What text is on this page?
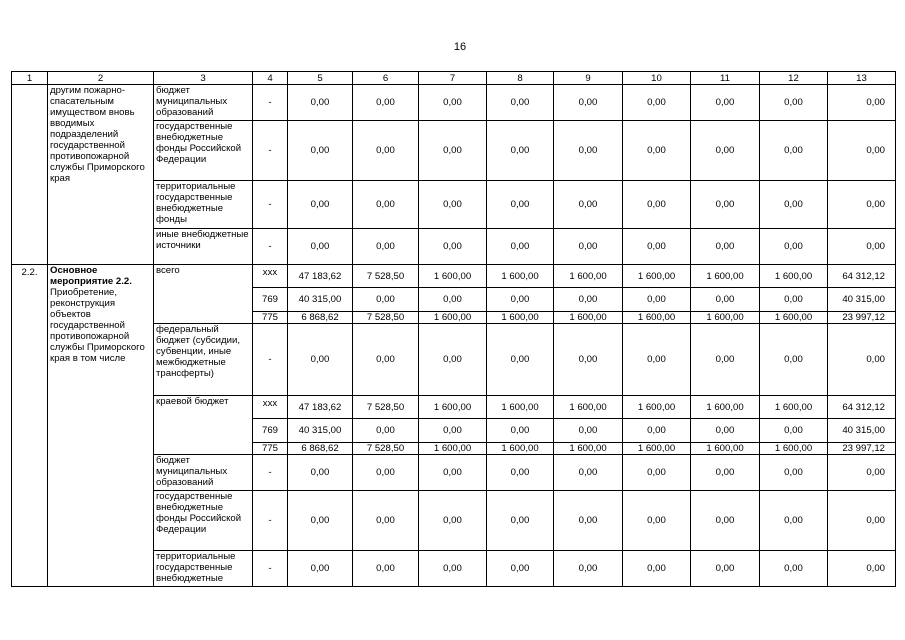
16
1	2	3	4	5	6	7	8	9	10	11	12	13
	другим пожарно-спасательным имуществом вновь вводимых подразделений государственной противопожарной службы Приморского края	бюджет муниципальных образований	-	0,00	0,00	0,00	0,00	0,00	0,00	0,00	0,00	0,00
		государственные внебюджетные фонды Российской Федерации	-	0,00	0,00	0,00	0,00	0,00	0,00	0,00	0,00	0,00
		территориальные государственные внебюджетные фонды	-	0,00	0,00	0,00	0,00	0,00	0,00	0,00	0,00	0,00
		иные внебюджетные источники	-	0,00	0,00	0,00	0,00	0,00	0,00	0,00	0,00	0,00
2.2.	Основное мероприятие 2.2.
Приобретение, реконструкция объектов государственной противопожарной службы Приморского края в том числе	всего	xxx	47 183,62	7 528,50	1 600,00	1 600,00	1 600,00	1 600,00	1 600,00	1 600,00	64 312,12
			769	40 315,00	0,00	0,00	0,00	0,00	0,00	0,00	0,00	40 315,00
			775	6 868,62	7 528,50	1 600,00	1 600,00	1 600,00	1 600,00	1 600,00	1 600,00	23 997,12
		федеральный бюджет (субсидии, субвенции, иные межбюджетные трансферты)	-	0,00	0,00	0,00	0,00	0,00	0,00	0,00	0,00	0,00
		краевой бюджет	xxx	47 183,62	7 528,50	1 600,00	1 600,00	1 600,00	1 600,00	1 600,00	1 600,00	64 312,12
			769	40 315,00	0,00	0,00	0,00	0,00	0,00	0,00	0,00	40 315,00
			775	6 868,62	7 528,50	1 600,00	1 600,00	1 600,00	1 600,00	1 600,00	1 600,00	23 997,12
		бюджет муниципальных образований	-	0,00	0,00	0,00	0,00	0,00	0,00	0,00	0,00	0,00
		государственные внебюджетные фонды Российской Федерации	-	0,00	0,00	0,00	0,00	0,00	0,00	0,00	0,00	0,00
		территориальные государственные внебюджетные	-	0,00	0,00	0,00	0,00	0,00	0,00	0,00	0,00	0,00
